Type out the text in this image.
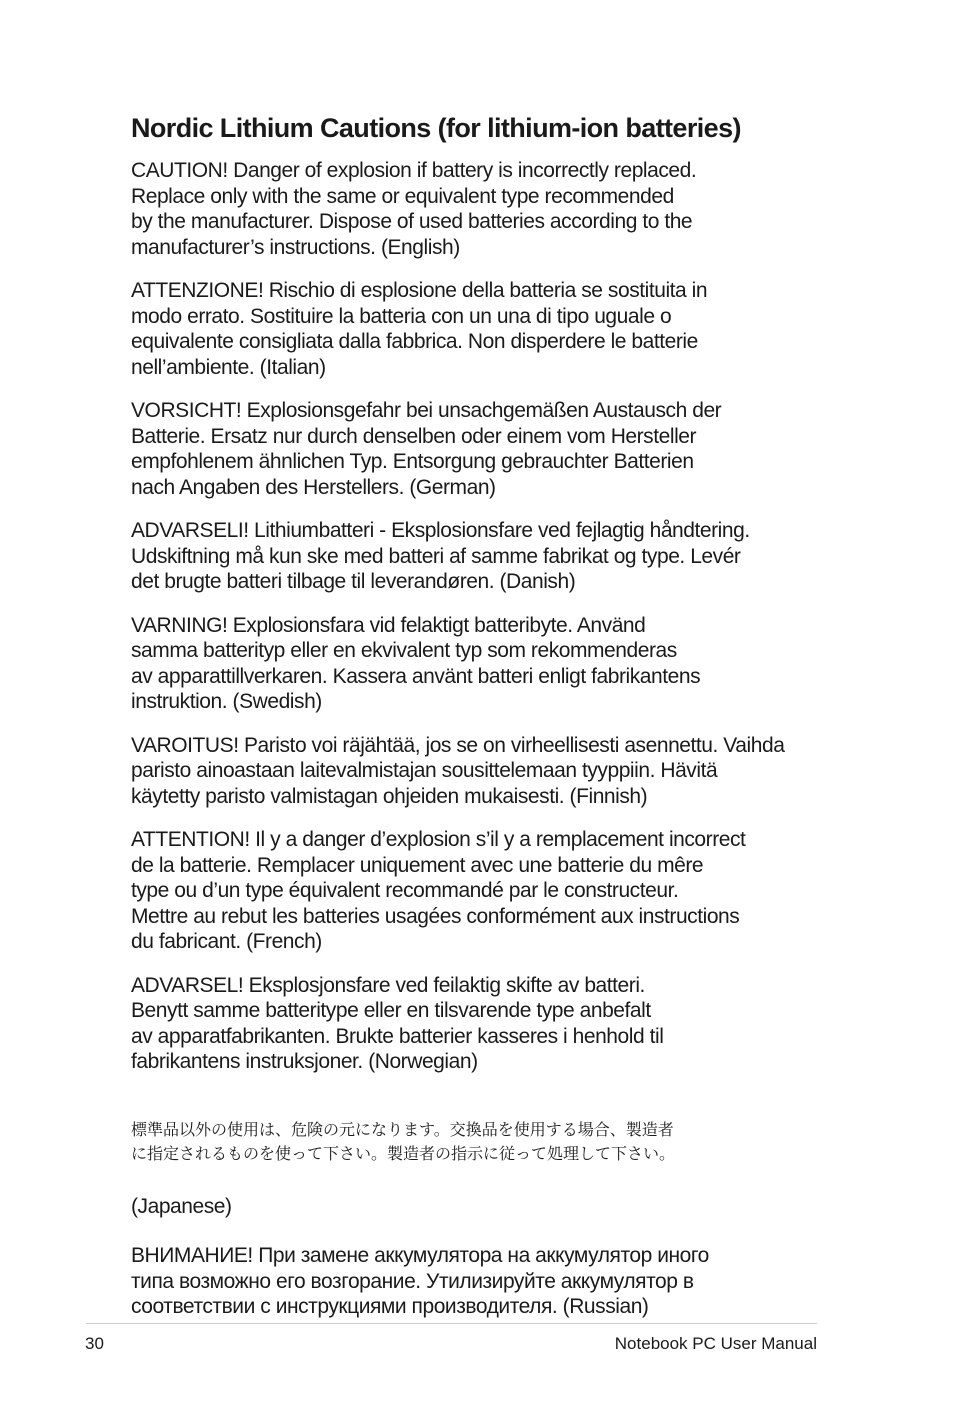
Nordic Lithium Cautions (for lithium-ion batteries)

CAUTION! Danger of explosion if battery is incorrectly replaced.
Replace only with the same or equivalent type recommended
by the manufacturer. Dispose of used batteries according to the
manufacturer’s instructions. (English)

ATTENZIONE! Rischio di esplosione della batteria se sostituita in
modo errato. Sostituire la batteria con un una di tipo uguale o
equivalente consigliata dalla fabbrica. Non disperdere le batterie
nell’ambiente. (Italian)

VORSICHT! Explosionsgefahr bei unsachgemäßen Austausch der
Batterie. Ersatz nur durch denselben oder einem vom Hersteller
empfohlenem ähnlichen Typ. Entsorgung gebrauchter Batterien
nach Angaben des Herstellers. (German)

ADVARSELI! Lithiumbatteri - Eksplosionsfare ved fejlagtig håndtering.
Udskiftning må kun ske med batteri af samme fabrikat og type. Levér
det brugte batteri tilbage til leverandøren. (Danish)

VARNING! Explosionsfara vid felaktigt batteribyte. Använd
samma batterityp eller en ekvivalent typ som rekommenderas
av apparattillverkaren. Kassera använt batteri enligt fabrikantens
instruktion. (Swedish)

VAROITUS! Paristo voi räjähtää, jos se on virheellisesti asennettu. Vaihda
paristo ainoastaan laitevalmistajan sousittelemaan tyyppiin. Hävitä
käytetty paristo valmistagan ohjeiden mukaisesti. (Finnish)

ATTENTION! Il y a danger d’explosion s’il y a remplacement incorrect
de la batterie. Remplacer uniquement avec une batterie du mêre
type ou d’un type équivalent recommandé par le constructeur.
Mettre au rebut les batteries usagées conformément aux instructions
du fabricant. (French)

ADVARSEL! Eksplosjonsfare ved feilaktig skifte av batteri.
Benytt samme batteritype eller en tilsvarende type anbefalt
av apparatfabrikanten. Brukte batterier kasseres i henhold til
fabrikantens instruksjoner. (Norwegian)

標準品以外の使用は、危険の元になります。交換品を使用する場合、製造者
に指定されるものを使って下さい。製造者の指示に従って処理して下さい。

(Japanese)

ВНИМАНИЕ! При замене аккумулятора на аккумулятор иного
типа возможно его возгорание. Утилизируйте аккумулятор в
соответствии с инструкциями производителя. (Russian)

30	Notebook PC User Manual
